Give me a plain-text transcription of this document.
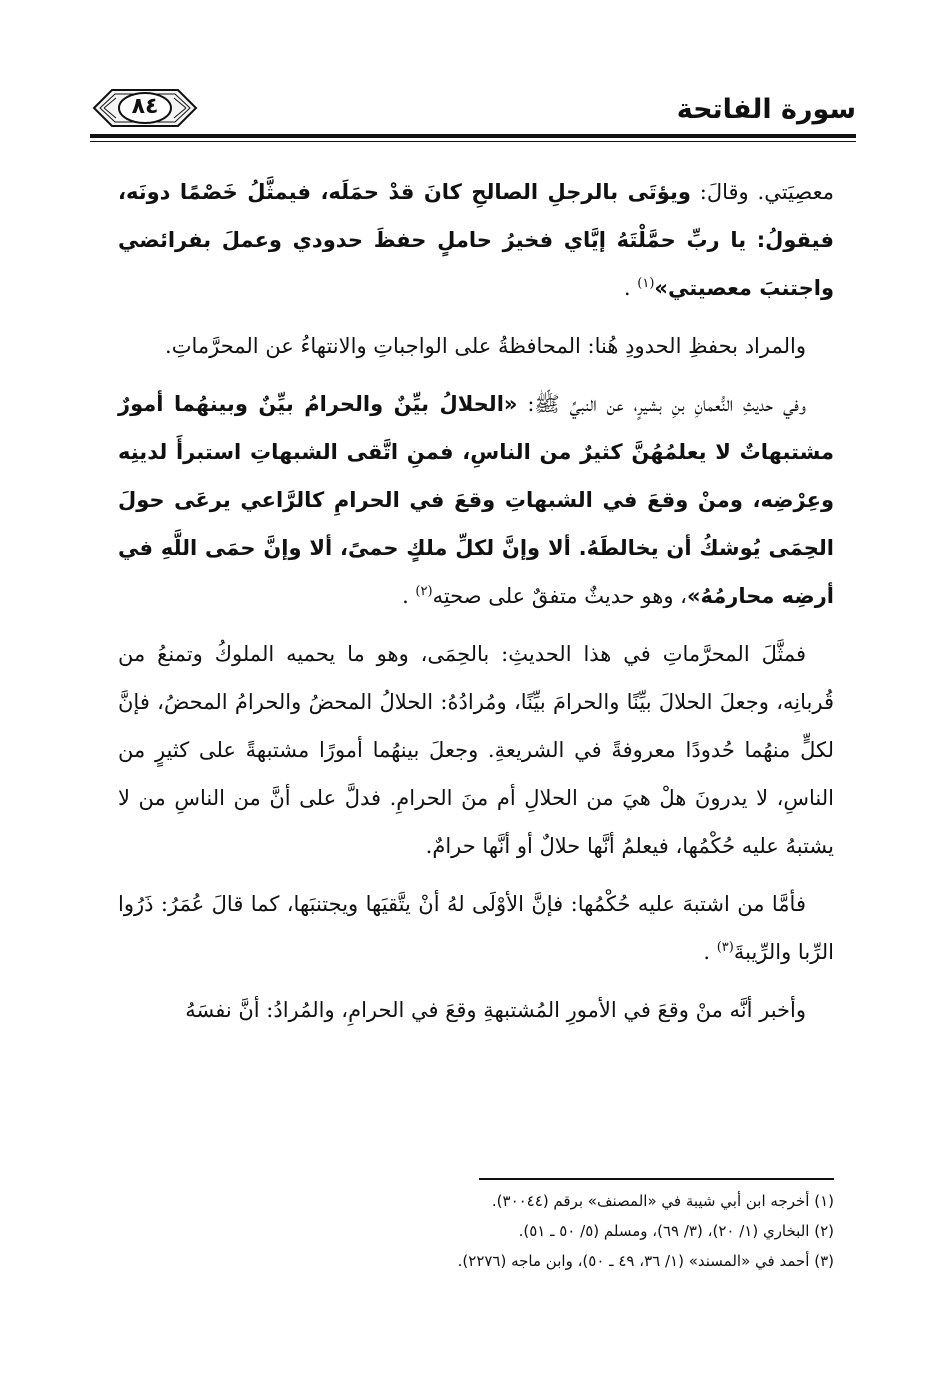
سورة الفاتحة
٨٤

معصِيَتي. وقالَ: ويؤتَى بالرجلِ الصالحِ كانَ قدْ حمَلَه، فيمثَّلُ خَصْمًا دونَه، فيقولُ: يا ربِّ حمَّلْتَهُ إيَّاي فخيرُ حاملٍ حفظَ حدودي وعملَ بفرائضي واجتنبَ معصيتي»$^{(١)}$ .

والمراد بحفظِ الحدودِ هُنا: المحافظةُ على الواجباتِ والانتهاءُ عن المحرَّماتِ.

وفي حديثِ النُّعمانِ بنِ بشيرٍ، عن النبيِّ ﷺ: «الحلالُ بيِّنٌ والحرامُ بيِّنٌ وبينهُما أمورٌ مشتبهاتٌ لا يعلمُهُنَّ كثيرٌ من الناسِ، فمنِ اتَّقى الشبهاتِ استبرأَ لدينِه وعِرْضِه، ومنْ وقعَ في الشبهاتِ وقعَ في الحرامِ كالرَّاعي يرعَى حولَ الحِمَى يُوشكُ أن يخالطَهُ. ألا وإنَّ لكلِّ ملكٍ حمىً، ألا وإنَّ حمَى اللَّهِ في أرضِه محارمُهُ»، وهو حديثٌ متفقٌ على صحتِه$^{(٢)}$ .

فمثَّلَ المحرَّماتِ في هذا الحديثِ: بالحِمَى، وهو ما يحميه الملوكُ وتمنعُ من قُربانِه، وجعلَ الحلالَ بيِّنًا والحرامَ بيِّنًا، ومُرادُهُ: الحلالُ المحضُ والحرامُ المحضُ، فإنَّ لكلٍّ منهُما حُدودًا معروفةً في الشريعةِ. وجعلَ بينهُما أمورًا مشتبهةً على كثيرٍ من الناسِ، لا يدرونَ هلْ هيَ من الحلالِ أم منَ الحرامِ. فدلَّ على أنَّ من الناسِ من لا يشتبهُ عليه حُكْمُها، فيعلمُ أنَّها حلالٌ أو أنَّها حرامٌ.

فأمَّا من اشتبهَ عليه حُكْمُها: فإنَّ الأوْلَى لهُ أنْ يتَّقيَها ويجتنبَها، كما قالَ عُمَرُ: ذَرُوا الرِّبا والرِّيبةَ$^{(٣)}$ .

وأخبر أنَّه منْ وقعَ في الأمورِ المُشتبهةِ وقعَ في الحرامِ، والمُرادُ: أنَّ نفسَهُ

(١) أخرجه ابن أبي شيبة في «المصنف» برقم (٣٠٠٤٤).

(٢) البخاري (١/ ٢٠)، (٣/ ٦٩)، ومسلم (٥/ ٥٠ ـ ٥١).

(٣) أحمد في «المسند» (١/ ٣٦، ٤٩ ـ ٥٠)، وابن ماجه (٢٢٧٦).
